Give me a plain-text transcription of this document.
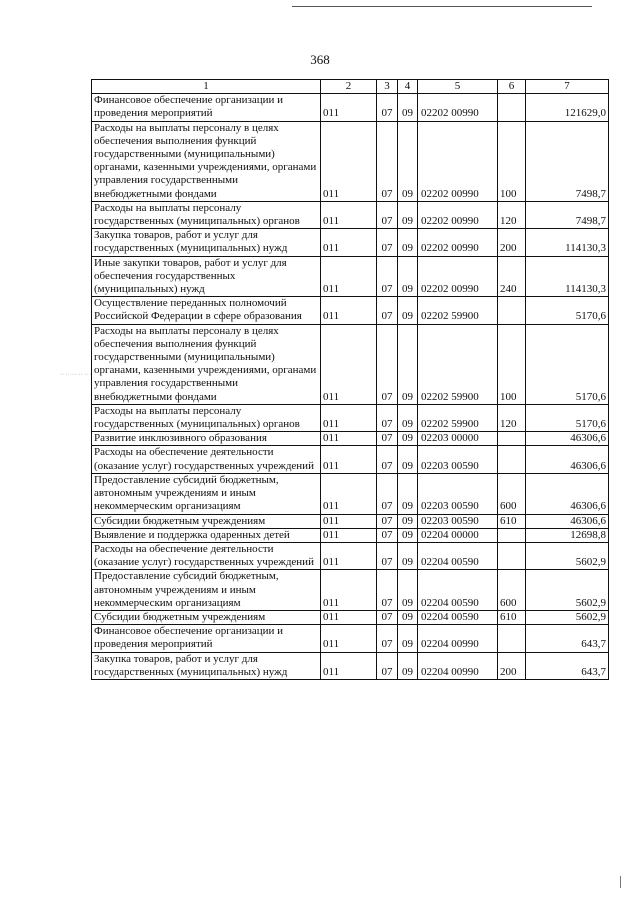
368
·· ·· ··· ·· ·· ·
1	2	3	4	5	6	7
Финансовое обеспечение организации и проведения мероприятий	011	07	09	02202 00990		121629,0
Расходы на выплаты персоналу в целях обеспечения выполнения функций государственными (муниципальными) органами, казенными учреждениями, органами управления государственными внебюджетными фондами	011	07	09	02202 00990	100	7498,7
Расходы на выплаты персоналу государственных (муниципальных) органов	011	07	09	02202 00990	120	7498,7
Закупка товаров, работ и услуг для государственных (муниципальных) нужд	011	07	09	02202 00990	200	114130,3
Иные закупки товаров, работ и услуг для обеспечения государственных (муниципальных) нужд	011	07	09	02202 00990	240	114130,3
Осуществление переданных полномочий Российской Федерации в сфере образования	011	07	09	02202 59900		5170,6
Расходы на выплаты персоналу в целях обеспечения выполнения функций государственными (муниципальными) органами, казенными учреждениями, органами управления государственными внебюджетными фондами	011	07	09	02202 59900	100	5170,6
Расходы на выплаты персоналу государственных (муниципальных) органов	011	07	09	02202 59900	120	5170,6
Развитие инклюзивного образования	011	07	09	02203 00000		46306,6
Расходы на обеспечение деятельности (оказание услуг) государственных учреждений	011	07	09	02203 00590		46306,6
Предоставление субсидий бюджетным, автономным учреждениям и иным некоммерческим организациям	011	07	09	02203 00590	600	46306,6
Субсидии бюджетным учреждениям	011	07	09	02203 00590	610	46306,6
Выявление и поддержка одаренных детей	011	07	09	02204 00000		12698,8
Расходы на обеспечение деятельности (оказание услуг) государственных учреждений	011	07	09	02204 00590		5602,9
Предоставление субсидий бюджетным, автономным учреждениям и иным некоммерческим организациям	011	07	09	02204 00590	600	5602,9
Субсидии бюджетным учреждениям	011	07	09	02204 00590	610	5602,9
Финансовое обеспечение организации и проведения мероприятий	011	07	09	02204 00990		643,7
Закупка товаров, работ и услуг для государственных (муниципальных) нужд	011	07	09	02204 00990	200	643,7
